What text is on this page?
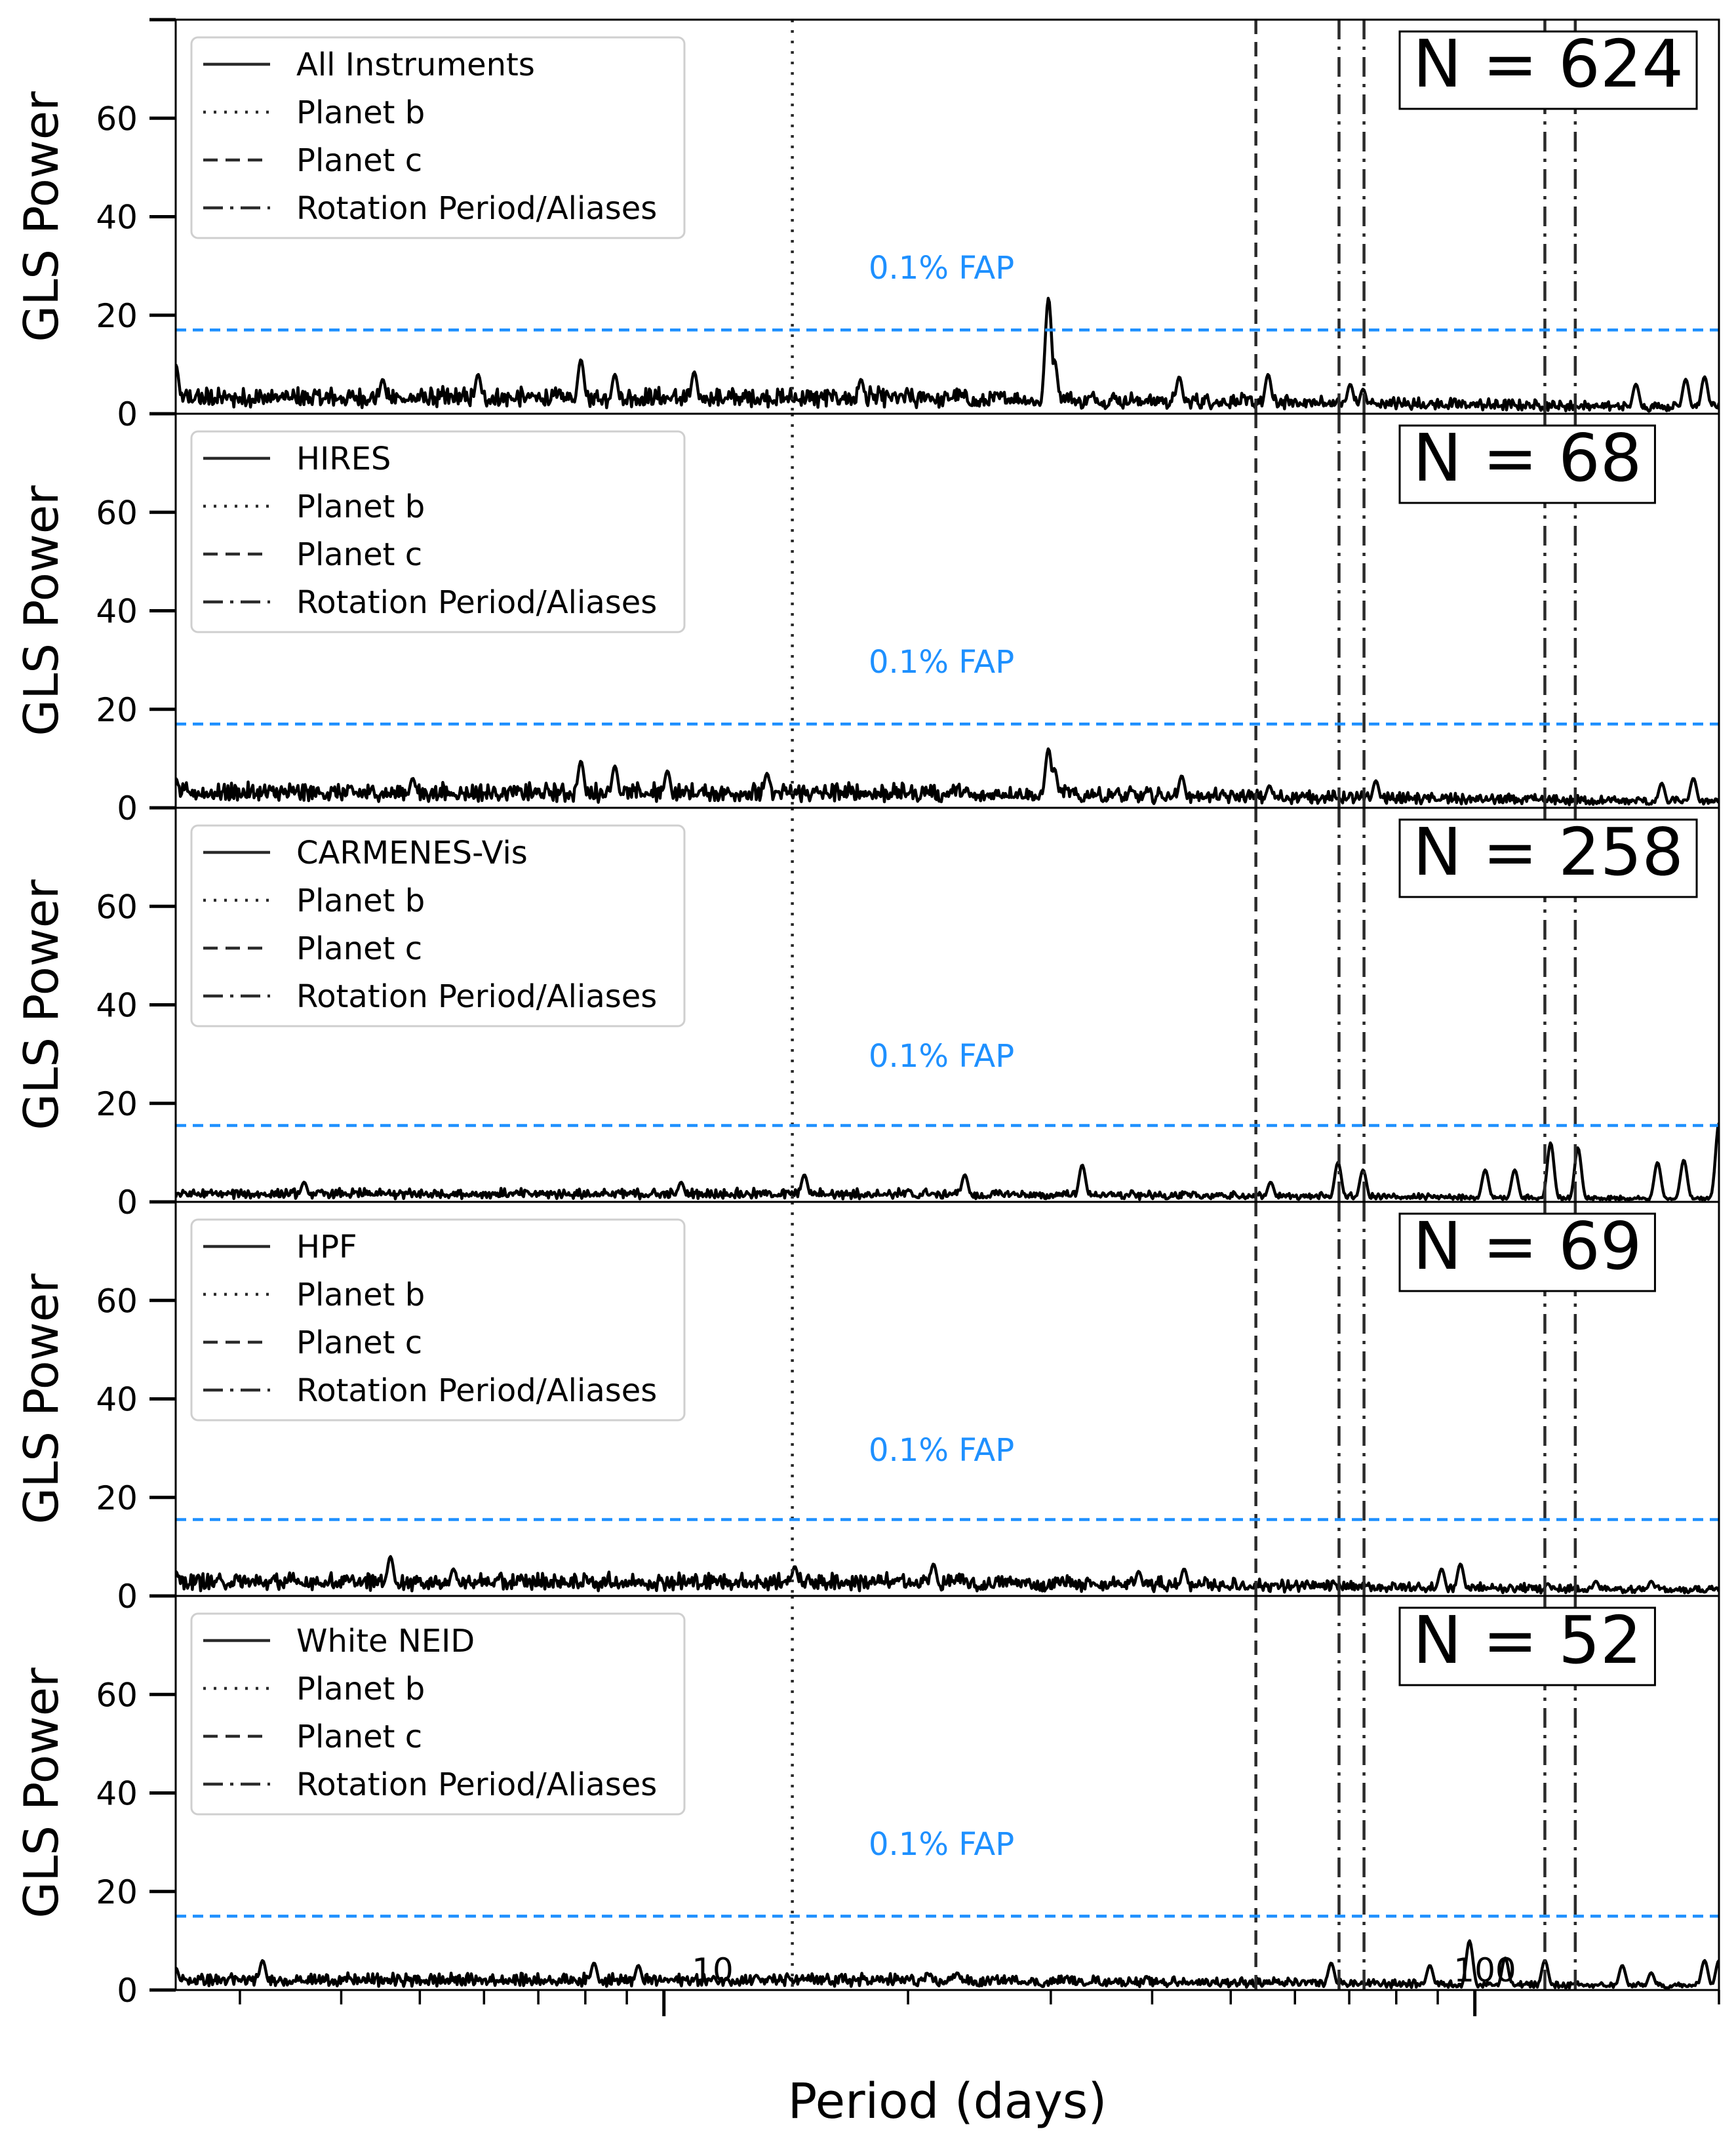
0.1% FAP
0
20
40
60
GLS Power
All Instruments
Planet b
Planet c
Rotation Period/Aliases
N = 624
0.1% FAP
0
20
40
60
GLS Power
HIRES
Planet b
Planet c
Rotation Period/Aliases
N = 68
0.1% FAP
0
20
40
60
GLS Power
CARMENES-Vis
Planet b
Planet c
Rotation Period/Aliases
N = 258
0.1% FAP
0
20
40
60
GLS Power
HPF
Planet b
Planet c
Rotation Period/Aliases
N = 69
0.1% FAP
0
20
40
60
GLS Power
White NEID
Planet b
Planet c
Rotation Period/Aliases
N = 52
10	100
Period (days)
